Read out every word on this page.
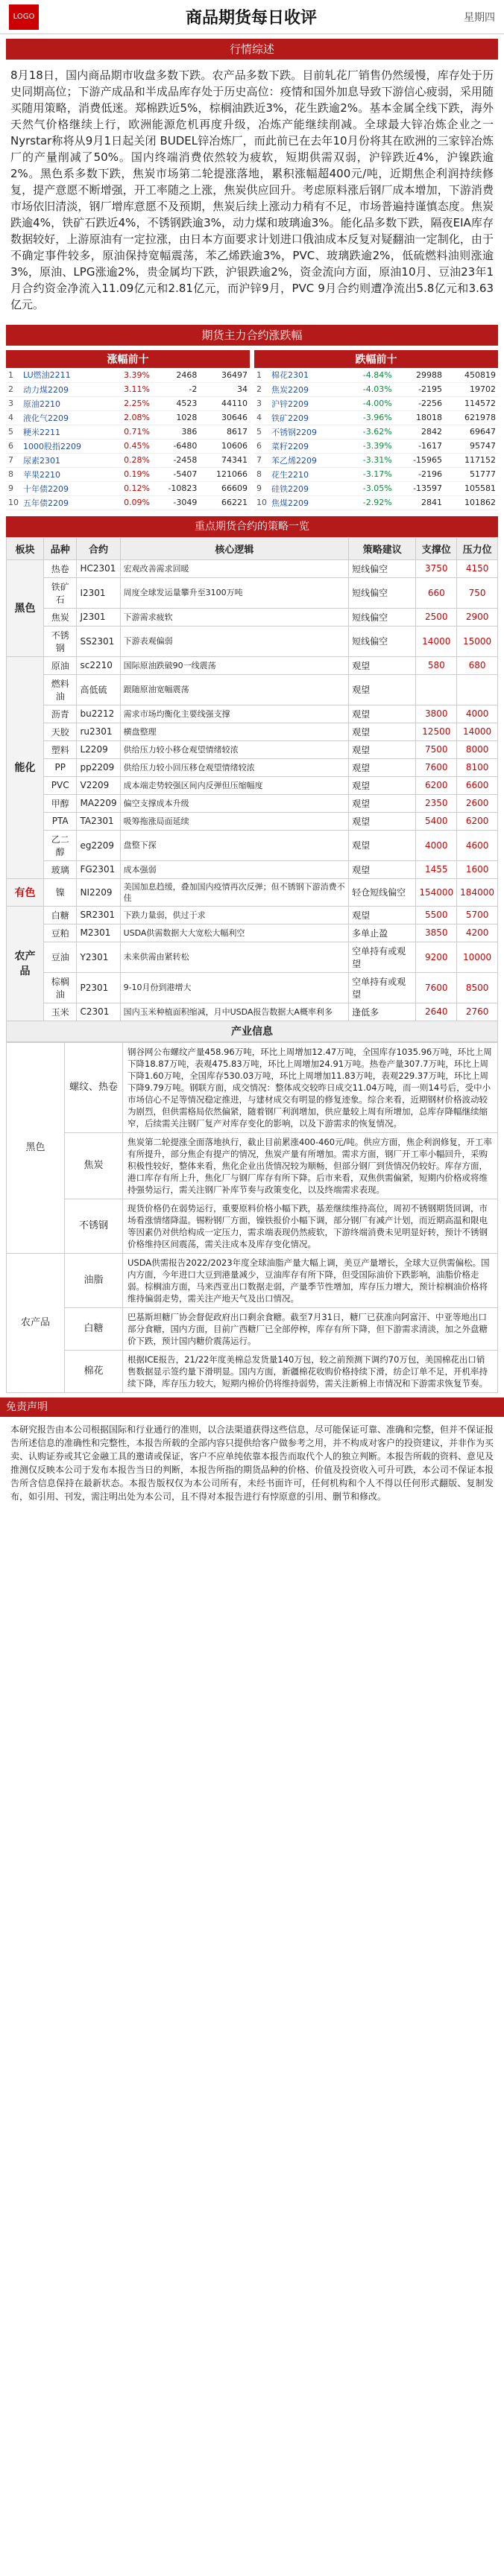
LOGO	商品期货每日收评	星期四
行情综述

8月18日，国内商品期市收盘多数下跌。农产品多数下跌。目前轧花厂销售仍然缓慢，库存处于历史同期高位；下游产成品和半成品库存处于历史高位：疫情和国外加息导致下游信心疲弱，采用随买随用策略，消费低迷。郑棉跌近5%，棕榈油跌近3%，花生跌逾2%。基本金属全线下跌，海外天然气价格继续上行，欧洲能源危机再度升级，冶炼产能继续削减。全球最大锌冶炼企业之一Nyrstar称将从9月1日起关闭 BUDEL锌冶炼厂，而此前已在去年10月份将其在欧洲的三家锌冶炼厂的产量削减了50%。国内终端消费依然较为疲软，短期供需双弱，沪锌跌近4%，沪镍跌逾2%。黑色系多数下跌，焦炭市场第二轮提涨落地，累积涨幅超400元/吨，近期焦企利润持续修复，提产意愿不断增强，开工率随之上涨，焦炭供应回升。考虑原料涨后钢厂成本增加，下游消费市场依旧清淡，钢厂增库意愿不及预期，焦炭后续上涨动力稍有不足，市场普遍持谨慎态度。焦炭跌逾4%，铁矿石跌近4%，不锈钢跌逾3%，动力煤和玻璃逾3%。能化品多数下跌，隔夜EIA库存数据较好，上游原油有一定拉涨，由日本方面要求计划进口俄油成本反复对疑翻油一定制化，由于不确定事件较多，原油保持宽幅震荡，苯乙烯跌逾3%，PVC、玻璃跌逾2%，低硫燃料油则涨逾3%，原油、LPG涨逾2%，贵金属均下跌，沪银跌逾2%，资金流向方面，原油10月、豆油23年1月合约资金净流入11.09亿元和2.81亿元，而沪锌9月，PVC 9月合约则遭净流出5.8亿元和3.63亿元。

期货主力合约涨跌幅
涨幅前十				
1	LU燃油2211	3.39%	2468	36497
2	动力煤2209	3.11%	-2	34
3	原油2210	2.25%	4523	44110
4	液化气2209	2.08%	1028	30646
5	粳米2211	0.71%	386	8617
6	1000股指2209	0.45%	-6480	10606
7	尿素2301	0.28%	-2458	74341
8	苹果2210	0.19%	-5407	121066
9	十年债2209	0.12%	-10823	66609
10	五年债2209	0.09%	-3049	66221
跌幅前十				
1	棉花2301	-4.84%	29988	450819
2	焦炭2209	-4.03%	-2195	19702
3	沪锌2209	-4.00%	-2256	114572
4	铁矿2209	-3.96%	18018	621978
5	不锈钢2209	-3.62%	2842	69647
6	菜籽2209	-3.39%	-1617	95747
7	苯乙烯2209	-3.31%	-15965	117152
8	花生2210	-3.17%	-2196	51777
9	硅铁2209	-3.05%	-13597	105581
10	焦煤2209	-2.92%	2841	101862
重点期货合约的策略一览
板块	品种	合约	核心逻辑	策略建议	支撑位	压力位
黑色	热卷	HC2301	宏观改善需求回暖	短线偏空	3750	4150
	铁矿石	I2301	周度全球发运量攀升至3100万吨	短线偏空	660	750
	焦炭	J2301	下游需求疲软	短线偏空	2500	2900
	不锈钢	SS2301	下游表观偏弱	短线偏空	14000	15000
能化	原油	sc2210	国际原油跌破90一线震荡	观望	580	680
	燃料油	高低硫	跟随原油宽幅震荡	观望		
	沥青	bu2212	需求市场均衡化主要线强支撑	观望	3800	4000
	天胶	ru2301	横盘整理	观望	12500	14000
	塑料	L2209	供给压力较小移仓观望情绪较浓	观望	7500	8000
	PP	pp2209	供给压力较小回压移仓观望情绪较浓	观望	7600	8100
	PVC	V2209	成本端走势较强区间内反弹但压缩幅度	观望	6200	6600
	甲醇	MA2209	偏空支撑成本升级	观望	2350	2600
	PTA	TA2301	吸筹拖涨局面延续	观望	5400	6200
	乙二醇	eg2209	盘整下探	观望	4000	4600
	玻璃	FG2301	成本强弱	观望	1455	1600
有色	镍	NI2209	美国加息趋缓，叠加国内疫情再次反弹；但不锈钢下游消费不佳	轻仓短线偏空	154000	184000
农产品	白糖	SR2301	下跌力量弱，供过于求	观望	5500	5700
	豆粕	M2301	USDA供需数据大大宽松大幅利空	多单止盈	3850	4200
	豆油	Y2301	未来供需由紧转松	空单持有或观望	9200	10000
	棕榈油	P2301	9-10月份到港增大	空单持有或观望	7600	8500
	玉米	C2301	国内玉米种植面积缩减，月中USDA报告数据大A概率利多	逢低多	2640	2760
产业信息
黑色	螺纹、热卷	钢谷网公布螺纹产量458.96万吨，环比上周增加12.47万吨，全国库存1035.96万吨，环比上周下降18.87万吨，表观475.83万吨，环比上周增加24.91万吨。热卷产量307.7万吨，环比上周下降1.60万吨，全国库存530.03万吨，环比上周增加11.83万吨，表观229.37万吨，环比上周下降9.79万吨。钢联方面，成交情况：整体成交较昨日成交11.04万吨，而一则14号后，受中小市场信心不足等情况稳定推进，与建材成交有明显的修复迹象。综合来看，近期钢材价格波动较为剧烈，但供需格局依然偏紧，随着钢厂利润增加，供应量较上周有所增加，总库存降幅继续缩窄，后续需关注钢厂复产对库存变化的影响，以及下游需求的恢复情况。
	焦炭	焦炭第二轮提涨全面落地执行，截止目前累涨400-460元/吨。供应方面，焦企利润修复，开工率有所提升，部分焦企有提产的情况，焦炭产量有所增加。需求方面，钢厂开工率小幅回升，采购积极性较好，整体来看，焦化企业出货情况较为顺畅，但部分钢厂到货情况仍较好。库存方面，港口库存有所上升，焦化厂与钢厂库存有所下降。后市来看，双焦供需偏紧，短期内价格或将维持强势运行，需关注钢厂补库节奏与政策变化，以及终端需求表现。
	不锈钢	现货价格仍在弱势运行，重要原料价格小幅下跌，基差继续维持高位，周初不锈钢期货回调，市场看涨情绪降温。锡粉钢厂方面，镍铁报价小幅下调，部分钢厂有减产计划，而近期高温和限电等因素仍对供给构成一定压力，需求端表现仍然疲软，下游终端消费未见明显好转，预计不锈钢价格维持区间震荡，需关注成本及库存变化情况。
农产品	油脂	USDA供需报告2022/2023年度全球油脂产量大幅上调，美豆产量增长，全球大豆供需偏松。国内方面，今年进口大豆到港量减少，豆油库存有所下降，但受国际油价下跌影响，油脂价格走弱。棕榈油方面，马来西亚出口数据走弱，产量季节性增加，库存压力增大，预计棕榈油价格将维持偏弱走势，需关注产地天气及出口情况。
	白糖	巴基斯坦糖厂协会督促政府出口剩余食糖。截至7月31日，糖厂已获准向阿富汗、中亚等地出口部分食糖，国内方面，目前广西糖厂已全部停榨，库存有所下降，但下游需求清淡，加之外盘糖价下跌，预计国内糖价震荡运行。
	棉花	根据ICE报告，21/22年度美棉总发货量140万包，较之前预测下调约70万包，美国棉花出口销售数据显示签约量下滑明显。国内方面，新疆棉花收购价格持续下滑，纺企订单不足，开机率持续下降，库存压力较大，短期内棉价仍将维持弱势，需关注新棉上市情况和下游需求恢复节奏。
免责声明

本研究报告由本公司根据国际和行业通行的准则，以合法渠道获得这些信息，尽可能保证可靠、准确和完整，但并不保证报告所述信息的准确性和完整性，本报告所载的全部内容只提供给客户做参考之用，并不构成对客户的投资建议，并非作为买卖、认购证券或其它金融工具的邀请或保证，客户不应单纯依靠本报告而取代个人的独立判断。本报告所载的资料、意见及推测仅反映本公司于发布本报告当日的判断，本报告所指的期货品种的价格、价值及投资收入可升可跌，本公司不保证本报告所含信息保持在最新状态。本报告版权仅为本公司所有，未经书面许可，任何机构和个人不得以任何形式翻版、复制发布，如引用、刊发，需注明出处为本公司，且不得对本报告进行有悖原意的引用、删节和修改。
